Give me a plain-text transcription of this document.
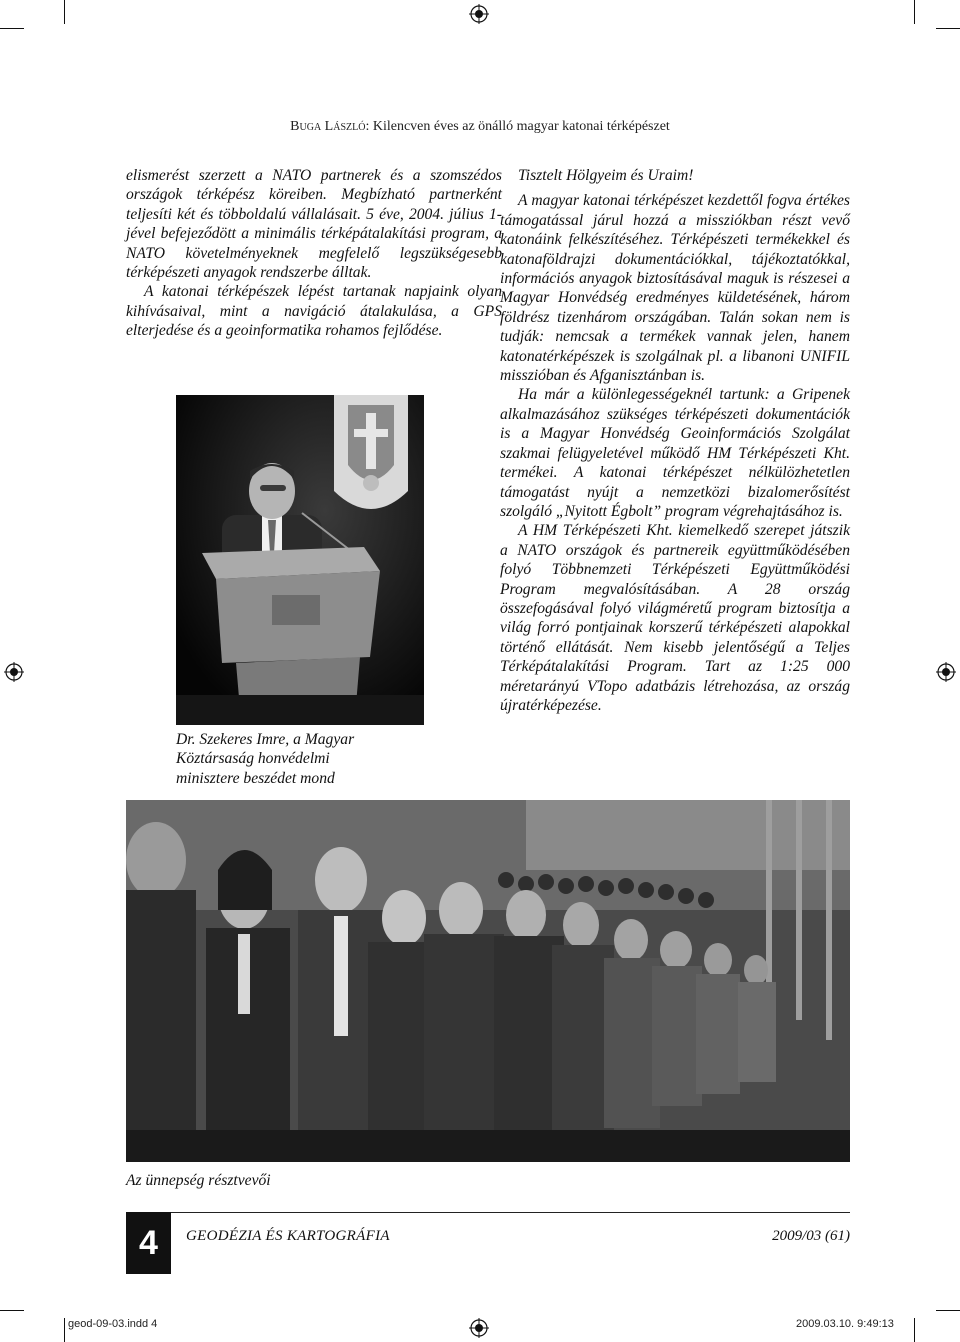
Buga László: Kilencven éves az önálló magyar katonai térképészet

elismerést szerzett a NATO partnerek és a szomszédos országok térképész köreiben. Megbízható partnerként teljesíti két és többoldalú vállalásait. 5 éve, 2004. július 1-jével befejeződött a minimális térképátalakítási program, a NATO követelményeknek megfelelő legszükségesebb térképészeti anyagok rendszerbe álltak.

A katonai térképészek lépést tartanak napjaink olyan kihívásaival, mint a navigáció átalakulása, a GPS elterjedése és a geoinformatika rohamos fejlődése.

Dr. Szekeres Imre, a Magyar Köztársaság honvédelmi minisztere beszédet mond

Tisztelt Hölgyeim és Uraim!

A magyar katonai térképészet kezdettől fogva értékes támogatással járul hozzá a missziókban részt vevő katonáink felkészítéséhez. Térképészeti termékekkel és katonaföldrajzi dokumentációkkal, tájékoztatókkal, információs anyagok biztosításával maguk is részesei a Magyar Honvédség eredményes küldetésének, három földrész tizenhárom országában. Talán sokan nem is tudják: nemcsak a termékek vannak jelen, hanem katonatérképészek is szolgálnak pl. a libanoni UNIFIL misszióban és Afganisztánban is.

Ha már a különlegességeknél tartunk: a Gripenek alkalmazásához szükséges térképészeti dokumentációk is a Magyar Honvédség Geoinformációs Szolgálat szakmai felügyeletével működő HM Térképészeti Kht. termékei. A katonai térképészet nélkülözhetetlen támogatást nyújt a nemzetközi bizalomerősítést szolgáló „Nyitott Égbolt” program végrehajtásához is.

A HM Térképészeti Kht. kiemelkedő szerepet játszik a NATO országok és partnereik együttműködésében folyó Többnemzeti Térképészeti Együttműködési Program megvalósításában. A 28 ország összefogásával folyó világméretű program biztosítja a világ forró pontjainak korszerű térképészeti alapokkal történő ellátását. Nem kisebb jelentőségű a Teljes Térképátalakítási Program. Tart az 1:25 000 méretarányú VTopo adatbázis létrehozása, az ország újratérképezése.

Az ünnepség résztvevői
4	GEODÉZIA ÉS KARTOGRÁFIA	2009/03 (61)
geod-09-03.indd 4	2009.03.10. 9:49:13
